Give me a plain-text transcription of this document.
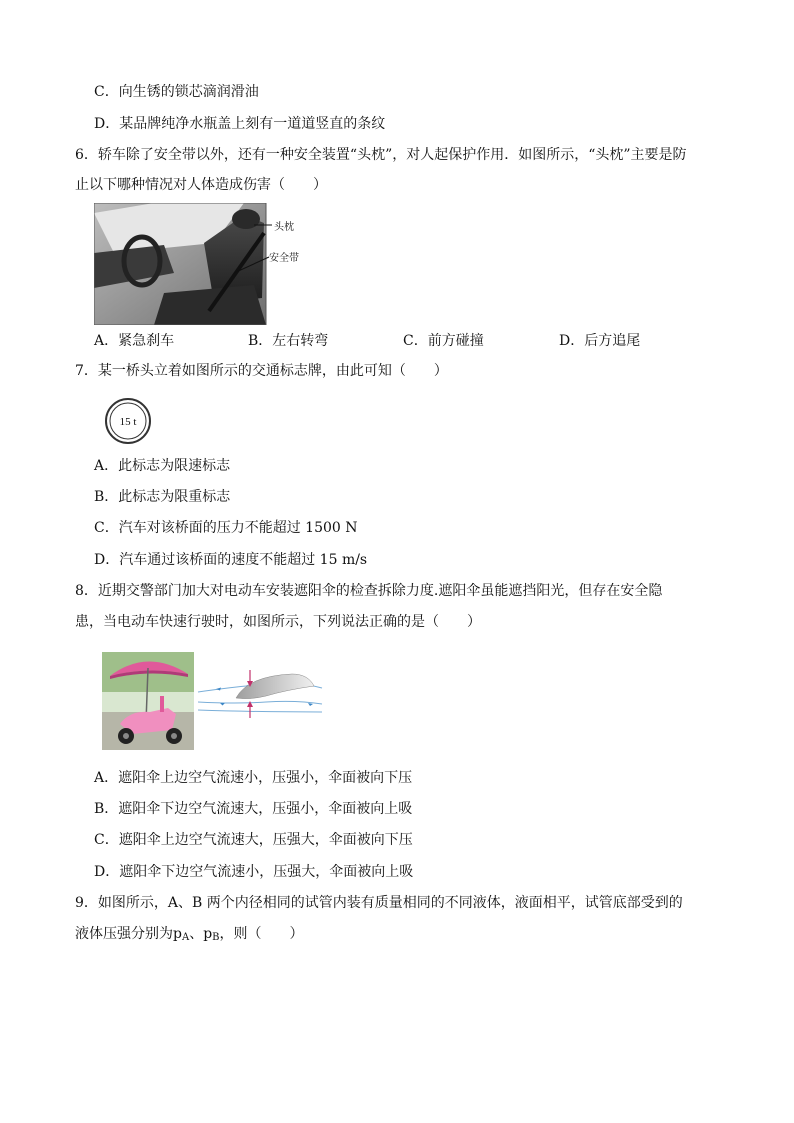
C．向生锈的锁芯滴润滑油
D．某品牌纯净水瓶盖上刻有一道道竖直的条纹
6．轿车除了安全带以外，还有一种安全装置“头枕”，对人起保护作用．如图所示，“头枕”主要是防
止以下哪种情况对人体造成伤害（　　）
头枕
安全带
A．紧急刹车	B．左右转弯	C．前方碰撞	D．后方追尾
7．某一桥头立着如图所示的交通标志牌，由此可知（　　）
15 t
A．此标志为限速标志
B．此标志为限重标志
C．汽车对该桥面的压力不能超过 1500 N
D．汽车通过该桥面的速度不能超过 15 m/s
8．近期交警部门加大对电动车安装遮阳伞的检查拆除力度.遮阳伞虽能遮挡阳光，但存在安全隐
患，当电动车快速行驶时，如图所示，下列说法正确的是（　　）
A．遮阳伞上边空气流速小，压强小，伞面被向下压
B．遮阳伞下边空气流速大，压强小，伞面被向上吸
C．遮阳伞上边空气流速大，压强大，伞面被向下压
D．遮阳伞下边空气流速小，压强大，伞面被向上吸
9．如图所示，A、B 两个内径相同的试管内装有质量相同的不同液体，液面相平，试管底部受到的
液体压强分别为$p_A$、$p_B$，则（　　）
